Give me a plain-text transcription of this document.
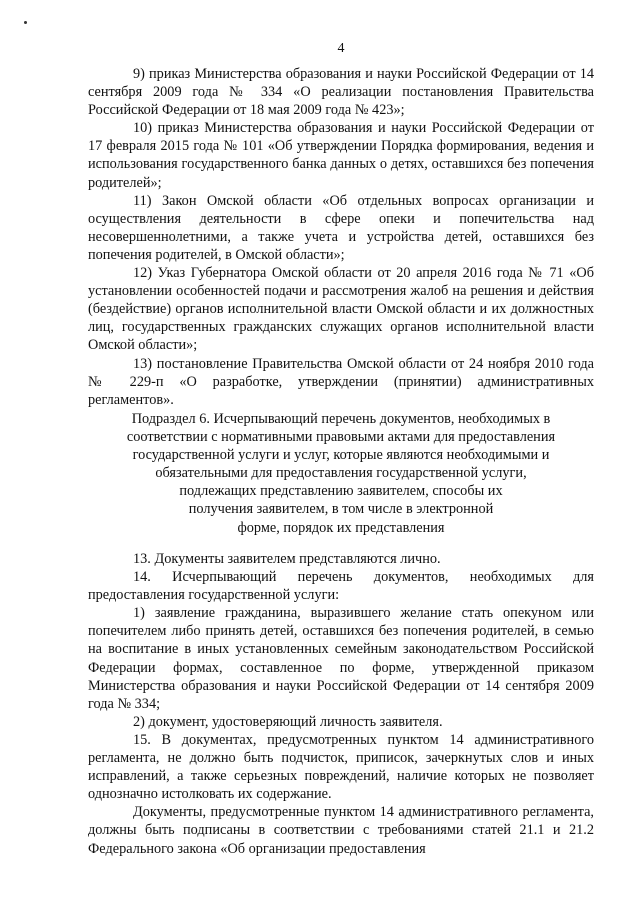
4

9) приказ Министерства образования и науки Российской Федерации от 14 сентября 2009 года № 334 «О реализации постановления Правительства Российской Федерации от 18 мая 2009 года № 423»;

10) приказ Министерства образования и науки Российской Федерации от 17 февраля 2015 года № 101 «Об утверждении Порядка формирования, ведения и использования государственного банка данных о детях, оставшихся без попечения родителей»;

11) Закон Омской области «Об отдельных вопросах организации и осуществления деятельности в сфере опеки и попечительства над несовершеннолетними, а также учета и устройства детей, оставшихся без попечения родителей, в Омской области»;

12) Указ Губернатора Омской области от 20 апреля 2016 года № 71 «Об установлении особенностей подачи и рассмотрения жалоб на решения и действия (бездействие) органов исполнительной власти Омской области и их должностных лиц, государственных гражданских служащих органов исполнительной власти Омской области»;

13) постановление Правительства Омской области от 24 ноября 2010 года № 229-п «О разработке, утверждении (принятии) административных регламентов».

Подраздел 6. Исчерпывающий перечень документов, необходимых в

соответствии с нормативными правовыми актами для предоставления

государственной услуги и услуг, которые являются необходимыми и

обязательными для предоставления государственной услуги,

подлежащих представлению заявителем, способы их

получения заявителем, в том числе в электронной

форме, порядок их представления

13. Документы заявителем представляются лично.

14. Исчерпывающий перечень документов, необходимых для предоставления государственной услуги:

1) заявление гражданина, выразившего желание стать опекуном или попечителем либо принять детей, оставшихся без попечения родителей, в семью на воспитание в иных установленных семейным законодательством Российской Федерации формах, составленное по форме, утвержденной приказом Министерства образования и науки Российской Федерации от 14 сентября 2009 года № 334;

2) документ, удостоверяющий личность заявителя.

15. В документах, предусмотренных пунктом 14 административного регламента, не должно быть подчисток, приписок, зачеркнутых слов и иных исправлений, а также серьезных повреждений, наличие которых не позволяет однозначно истолковать их содержание.

Документы, предусмотренные пунктом 14 административного регламента, должны быть подписаны в соответствии с требованиями статей 21.1 и 21.2 Федерального закона «Об организации предоставления
